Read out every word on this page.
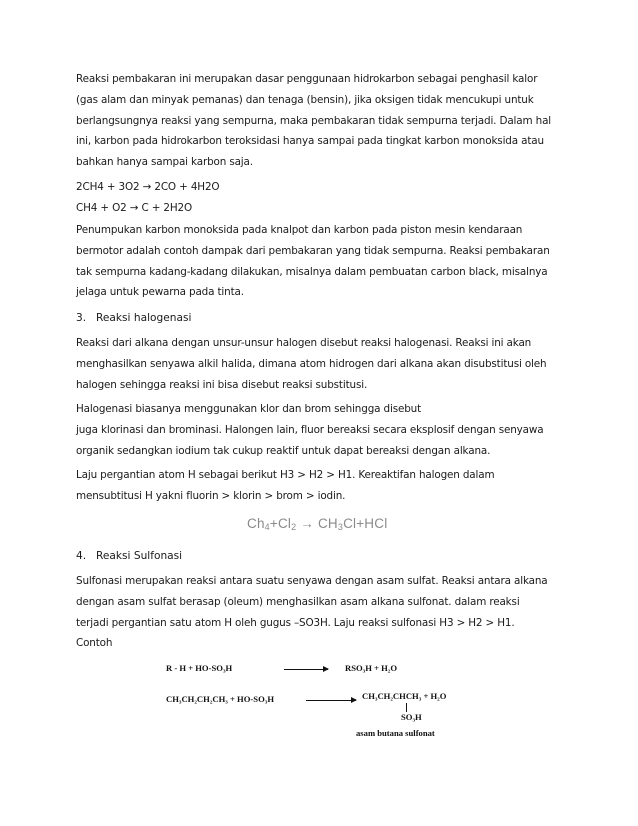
Reaksi pembakaran ini merupakan dasar penggunaan hidrokarbon sebagai penghasil kalor
(gas alam dan minyak pemanas) dan tenaga (bensin), jika oksigen tidak mencukupi untuk
berlangsungnya reaksi yang sempurna, maka pembakaran tidak sempurna terjadi. Dalam hal
ini, karbon pada hidrokarbon teroksidasi hanya sampai pada tingkat karbon monoksida atau
bahkan hanya sampai karbon saja.
2CH4 + 3O2 → 2CO + 4H2O
CH4 + O2 → C + 2H2O
Penumpukan karbon monoksida pada knalpot dan karbon pada piston mesin kendaraan
bermotor adalah contoh dampak dari pembakaran yang tidak sempurna. Reaksi pembakaran
tak sempurna kadang-kadang dilakukan, misalnya dalam pembuatan carbon black, misalnya
jelaga untuk pewarna pada tinta.
3. Reaksi halogenasi
Reaksi dari alkana dengan unsur-unsur halogen disebut reaksi halogenasi. Reaksi ini akan
menghasilkan senyawa alkil halida, dimana atom hidrogen dari alkana akan disubstitusi oleh
halogen sehingga reaksi ini bisa disebut reaksi substitusi.
Halogenasi biasanya menggunakan klor dan brom sehingga disebut
juga klorinasi dan brominasi. Halongen lain, fluor bereaksi secara eksplosif dengan senyawa
organik sedangkan iodium tak cukup reaktif untuk dapat bereaksi dengan alkana.
Laju pergantian atom H sebagai berikut H3 > H2 > H1. Kereaktifan halogen dalam
mensubtitusi H yakni fluorin > klorin > brom > iodin.
$Ch_4+Cl_2 \to CH_3Cl+HCl$
4. Reaksi Sulfonasi
Sulfonasi merupakan reaksi antara suatu senyawa dengan asam sulfat. Reaksi antara alkana
dengan asam sulfat berasap (oleum) menghasilkan asam alkana sulfonat. dalam reaksi
terjadi pergantian satu atom H oleh gugus –SO3H. Laju reaksi sulfonasi H3 > H2 > H1.
Contoh
R - H + HO-SO₃H	RSO₃H + H₂O
CH₃CH₂CH₂CH₃ + HO-SO₃H	CH₃CH₂CHCH₃ + H₂O
SO₃H
asam butana sulfonat
